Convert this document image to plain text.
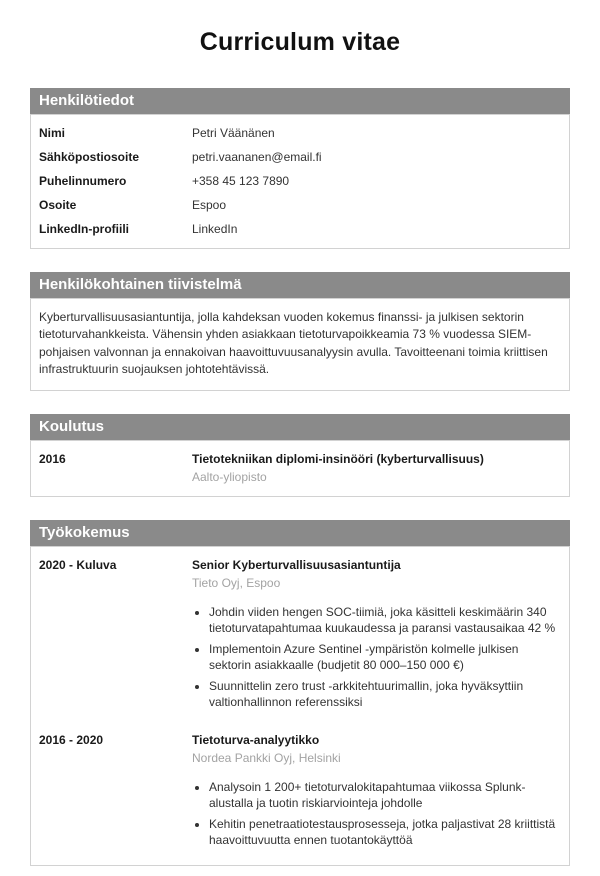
Curriculum vitae
Henkilötiedot
Nimi	Petri Väänänen
Sähköpostiosoite	petri.vaananen@email.fi
Puhelinnumero	+358 45 123 7890
Osoite	Espoo
LinkedIn-profiili	LinkedIn
Henkilökohtainen tiivistelmä

Kyberturvallisuusasiantuntija, jolla kahdeksan vuoden kokemus finanssi- ja julkisen sektorin tietoturvahankkeista. Vähensin yhden asiakkaan tietoturvapoikkeamia 73 % vuodessa SIEM-pohjaisen valvonnan ja ennakoivan haavoittuvuusanalyysin avulla. Tavoitteenani toimia kriittisen infrastruktuurin suojauksen johtotehtävissä.

Koulutus
2016	Tietotekniikan diplomi-insinööri (kyberturvallisuus)
Aalto-yliopisto
Työkokemus
2020 - Kuluva	Senior Kyberturvallisuusasiantuntija
Tieto Oyj, Espoo
• Johdin viiden hengen SOC-tiimiä, joka käsitteli keskimäärin 340 tietoturvatapahtumaa kuukaudessa ja paransi vastausaikaa 42 %
• Implementoin Azure Sentinel -ympäristön kolmelle julkisen sektorin asiakkaalle (budjetit 80 000–150 000 €)
• Suunnittelin zero trust -arkkitehtuurimallin, joka hyväksyttiin valtionhallinnon referenssiksi
2016 - 2020	Tietoturva-analyytikko
Nordea Pankki Oyj, Helsinki
• Analysoin 1 200+ tietoturvalokitapahtumaa viikossa Splunk-alustalla ja tuotin riskiarviointeja johdolle
• Kehitin penetraatiotestausprosesseja, jotka paljastivat 28 kriittistä haavoittuvuutta ennen tuotantokäyttöä
